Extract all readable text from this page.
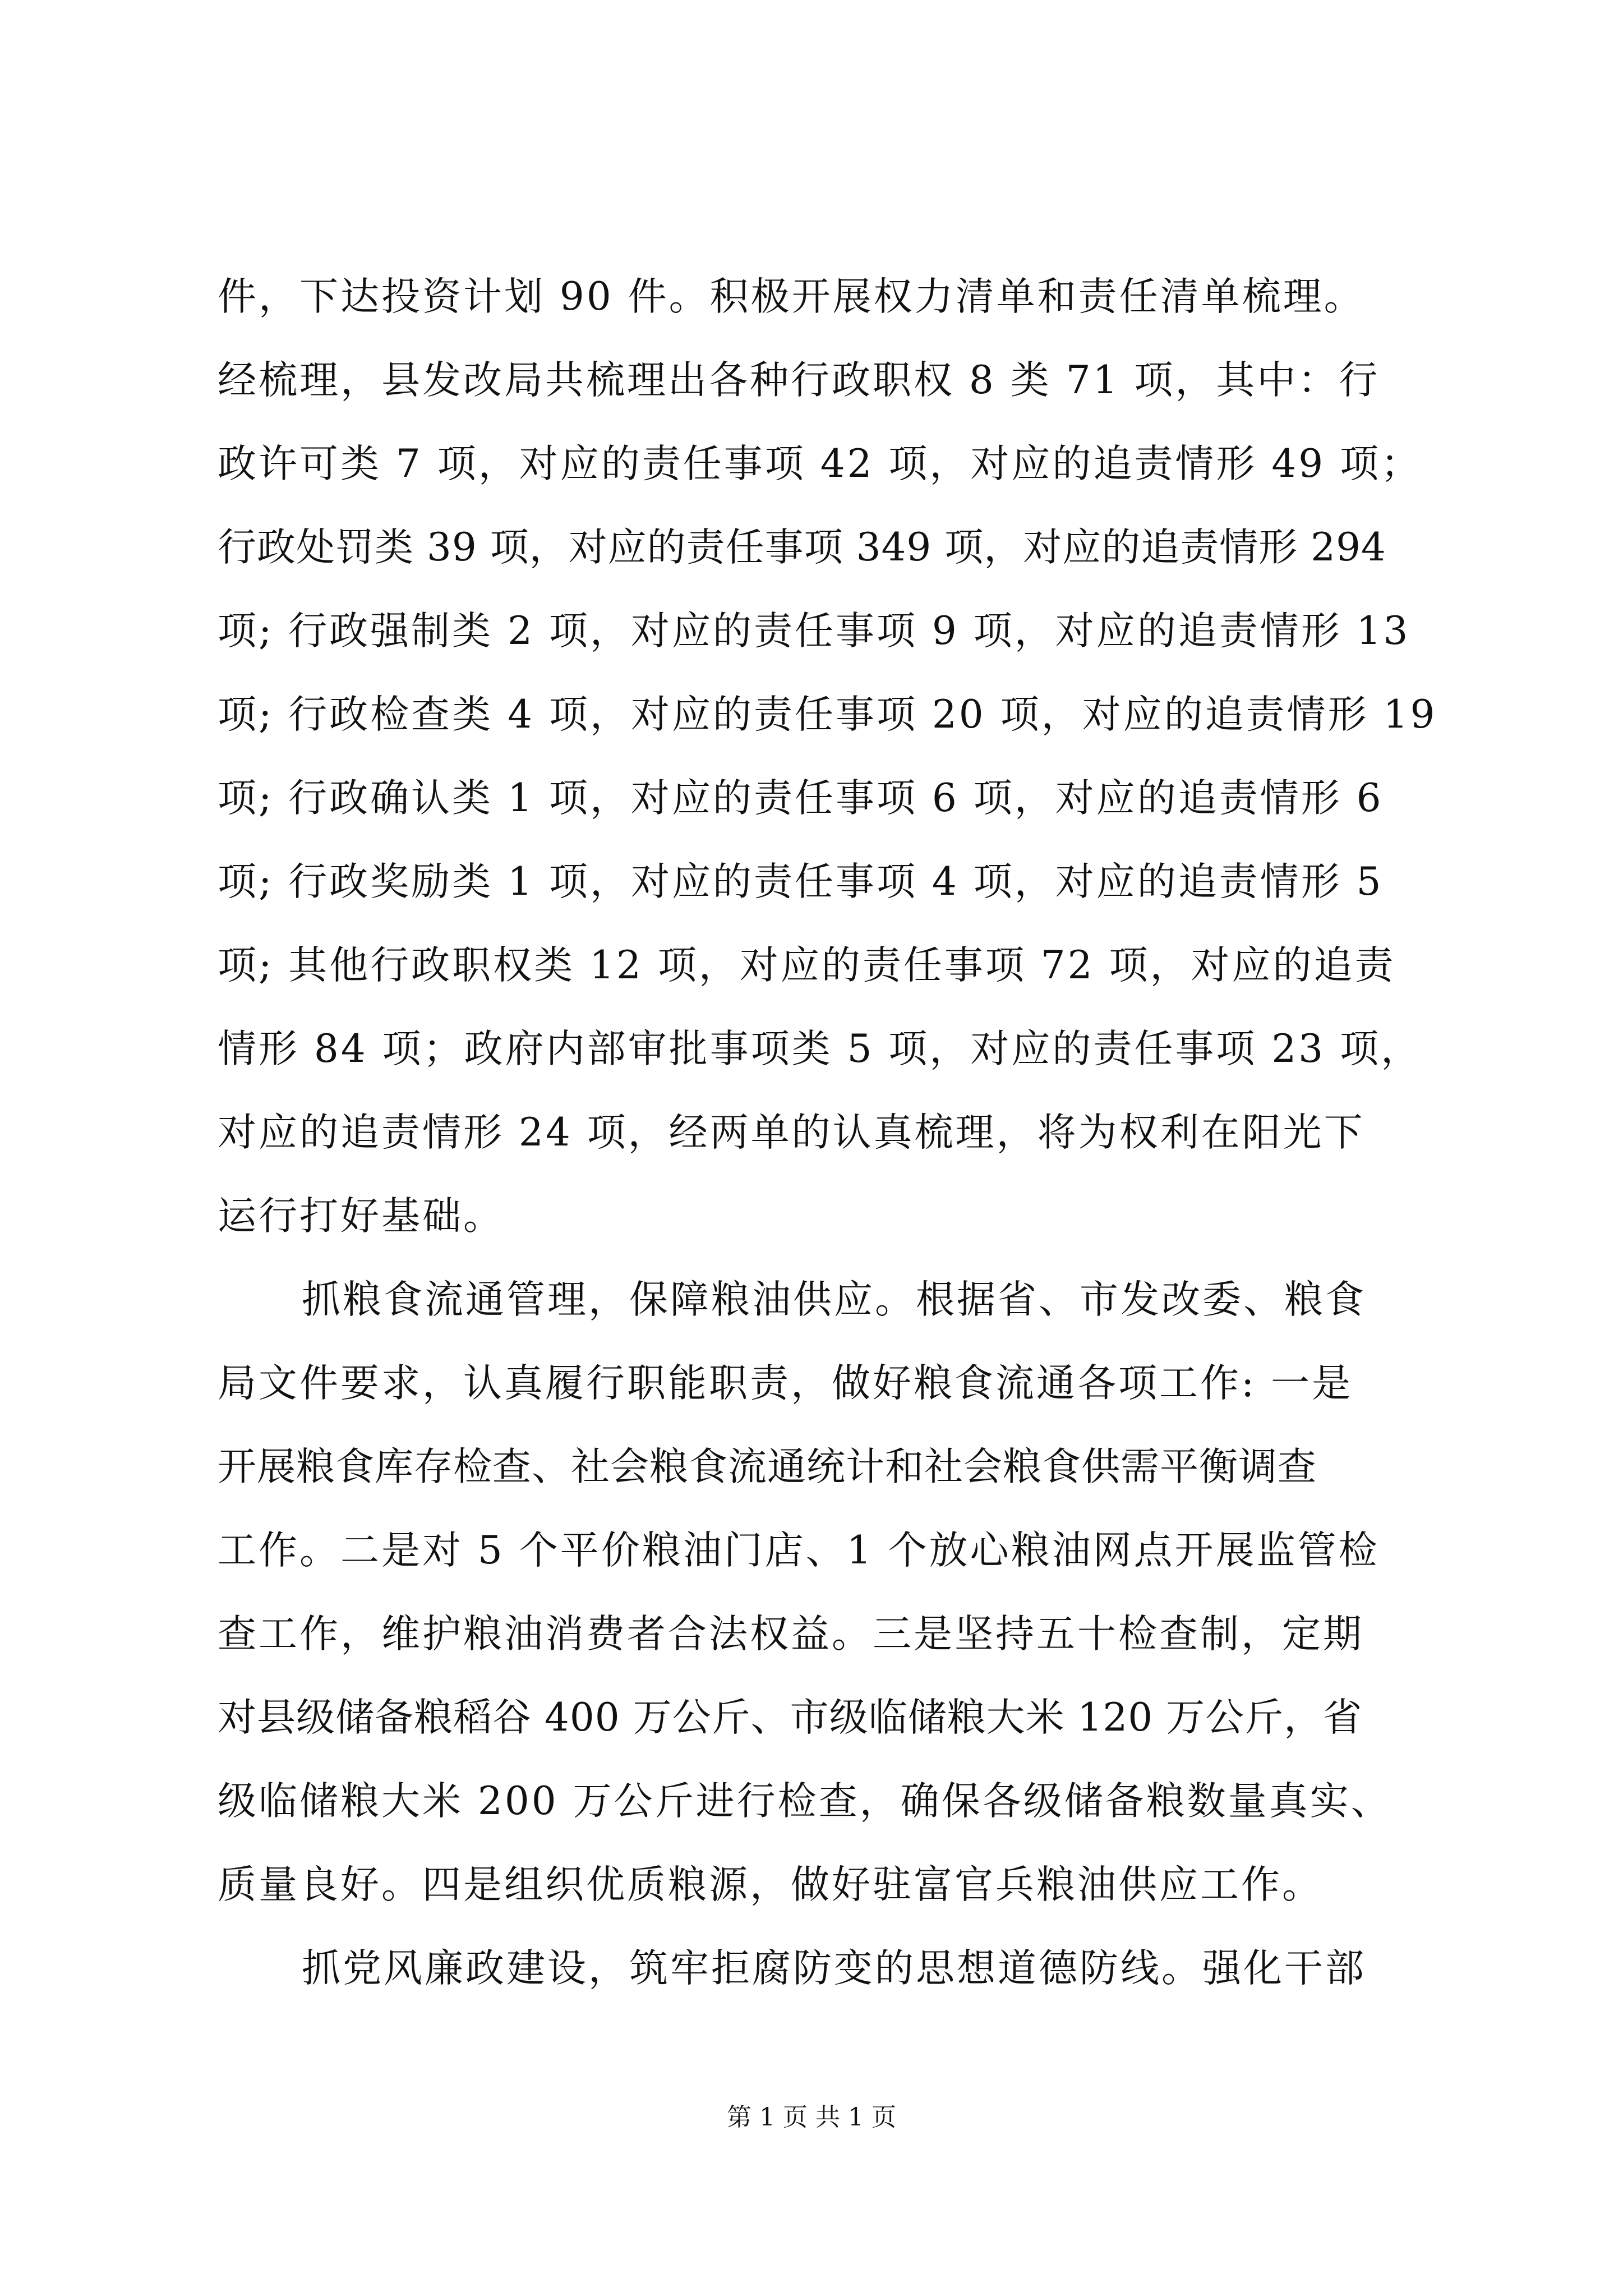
件，下达投资计划 90 件。积极开展权力清单和责任清单梳理。
经梳理，县发改局共梳理出各种行政职权 8 类 71 项，其中：行
政许可类 7 项，对应的责任事项 42 项，对应的追责情形 49 项；
行政处罚类 39 项，对应的责任事项 349 项，对应的追责情形 294
项; 行政强制类 2 项，对应的责任事项 9 项，对应的追责情形 13
项; 行政检查类 4 项，对应的责任事项 20 项，对应的追责情形 19
项; 行政确认类 1 项，对应的责任事项 6 项，对应的追责情形 6
项; 行政奖励类 1 项，对应的责任事项 4 项，对应的追责情形 5
项; 其他行政职权类 12 项，对应的责任事项 72 项，对应的追责
情形 84 项；政府内部审批事项类 5 项，对应的责任事项 23 项，
对应的追责情形 24 项，经两单的认真梳理，将为权利在阳光下
运行打好基础。
抓粮食流通管理，保障粮油供应。根据省、市发改委、粮食
局文件要求，认真履行职能职责，做好粮食流通各项工作: 一是
开展粮食库存检查、社会粮食流通统计和社会粮食供需平衡调查
工作。二是对 5 个平价粮油门店、1 个放心粮油网点开展监管检
查工作，维护粮油消费者合法权益。三是坚持五十检查制，定期
对县级储备粮稻谷 400 万公斤、市级临储粮大米 120 万公斤，省
级临储粮大米 200 万公斤进行检查，确保各级储备粮数量真实、
质量良好。四是组织优质粮源，做好驻富官兵粮油供应工作。
抓党风廉政建设，筑牢拒腐防变的思想道德防线。强化干部
第 1 页 共 1 页
